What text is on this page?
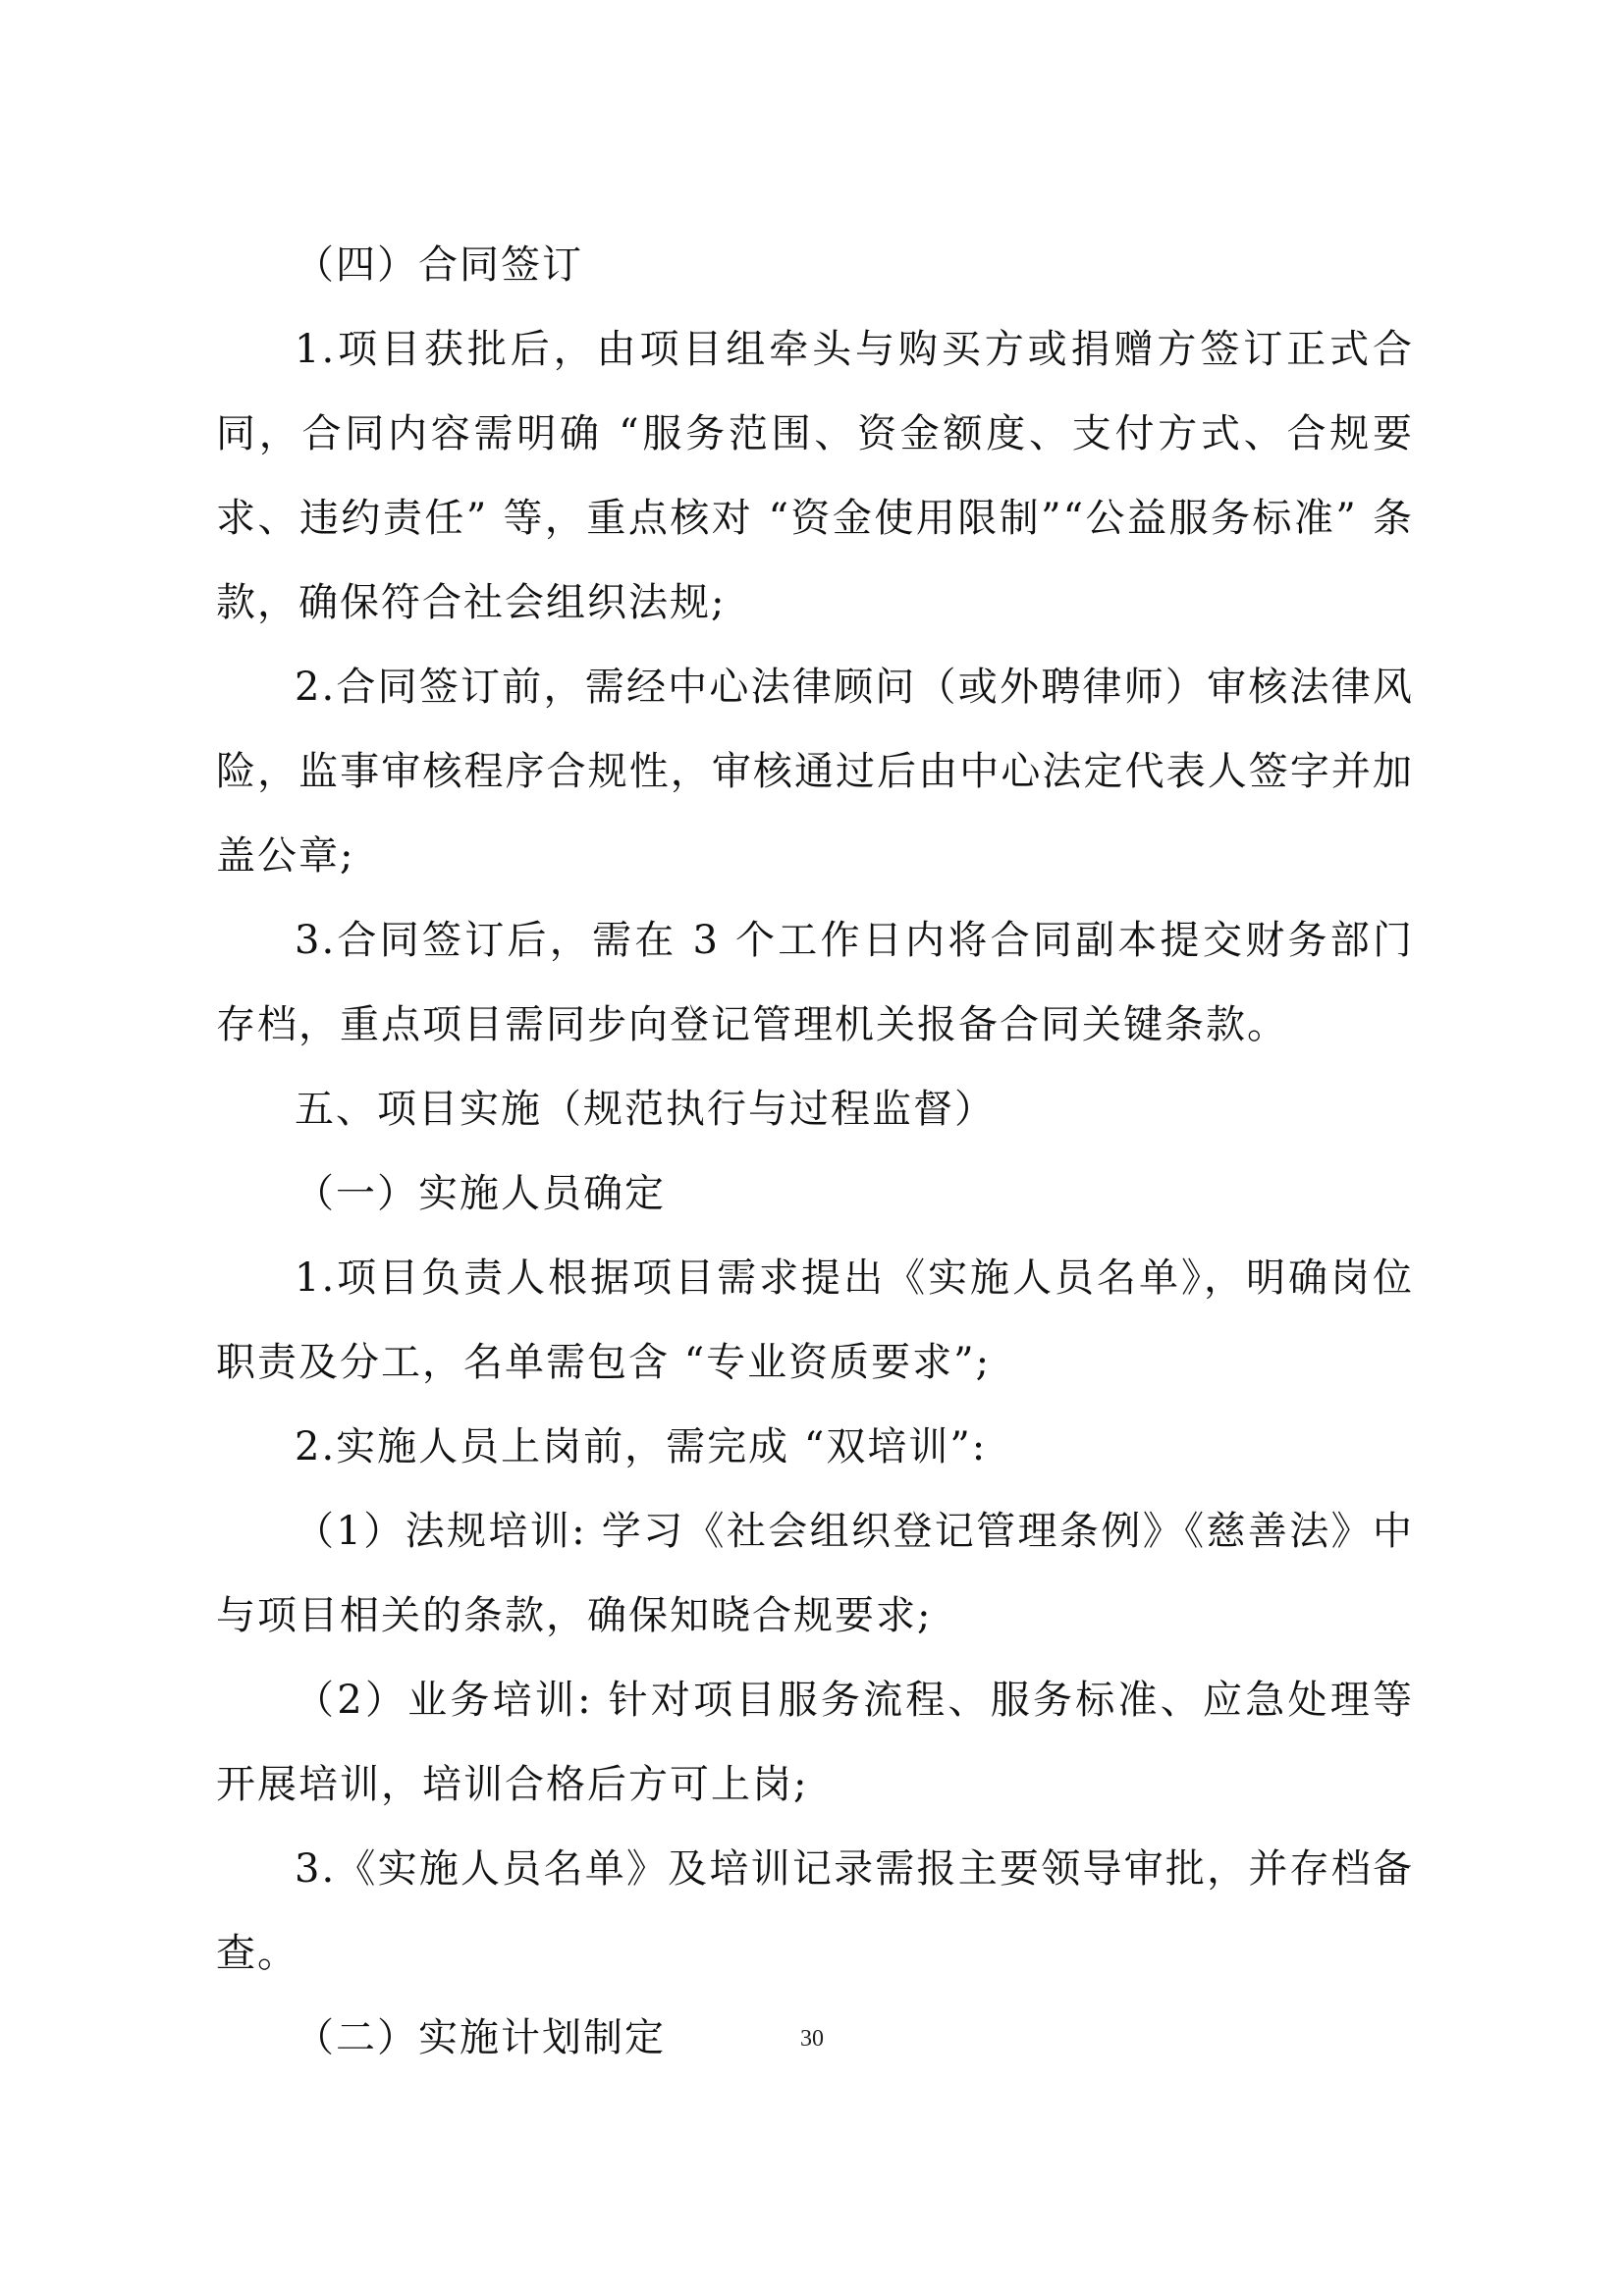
（四）合同签订

1.项目获批后，由项目组牵头与购买方或捐赠方签订正式合同，合同内容需明确 “服务范围、资金额度、支付方式、合规要求、违约责任” 等，重点核对 “资金使用限制”“公益服务标准” 条款，确保符合社会组织法规;

2.合同签订前，需经中心法律顾问（或外聘律师）审核法律风险，监事审核程序合规性，审核通过后由中心法定代表人签字并加盖公章;

3.合同签订后，需在 3 个工作日内将合同副本提交财务部门存档，重点项目需同步向登记管理机关报备合同关键条款。

五、项目实施（规范执行与过程监督）

（一）实施人员确定

1.项目负责人根据项目需求提出《实施人员名单》，明确岗位职责及分工，名单需包含 “专业资质要求”;

2.实施人员上岗前，需完成 “双培训”:

（1）法规培训: 学习《社会组织登记管理条例》《慈善法》中与项目相关的条款，确保知晓合规要求;

（2）业务培训: 针对项目服务流程、服务标准、应急处理等开展培训，培训合格后方可上岗;

3.《实施人员名单》及培训记录需报主要领导审批，并存档备查。

（二）实施计划制定	30
